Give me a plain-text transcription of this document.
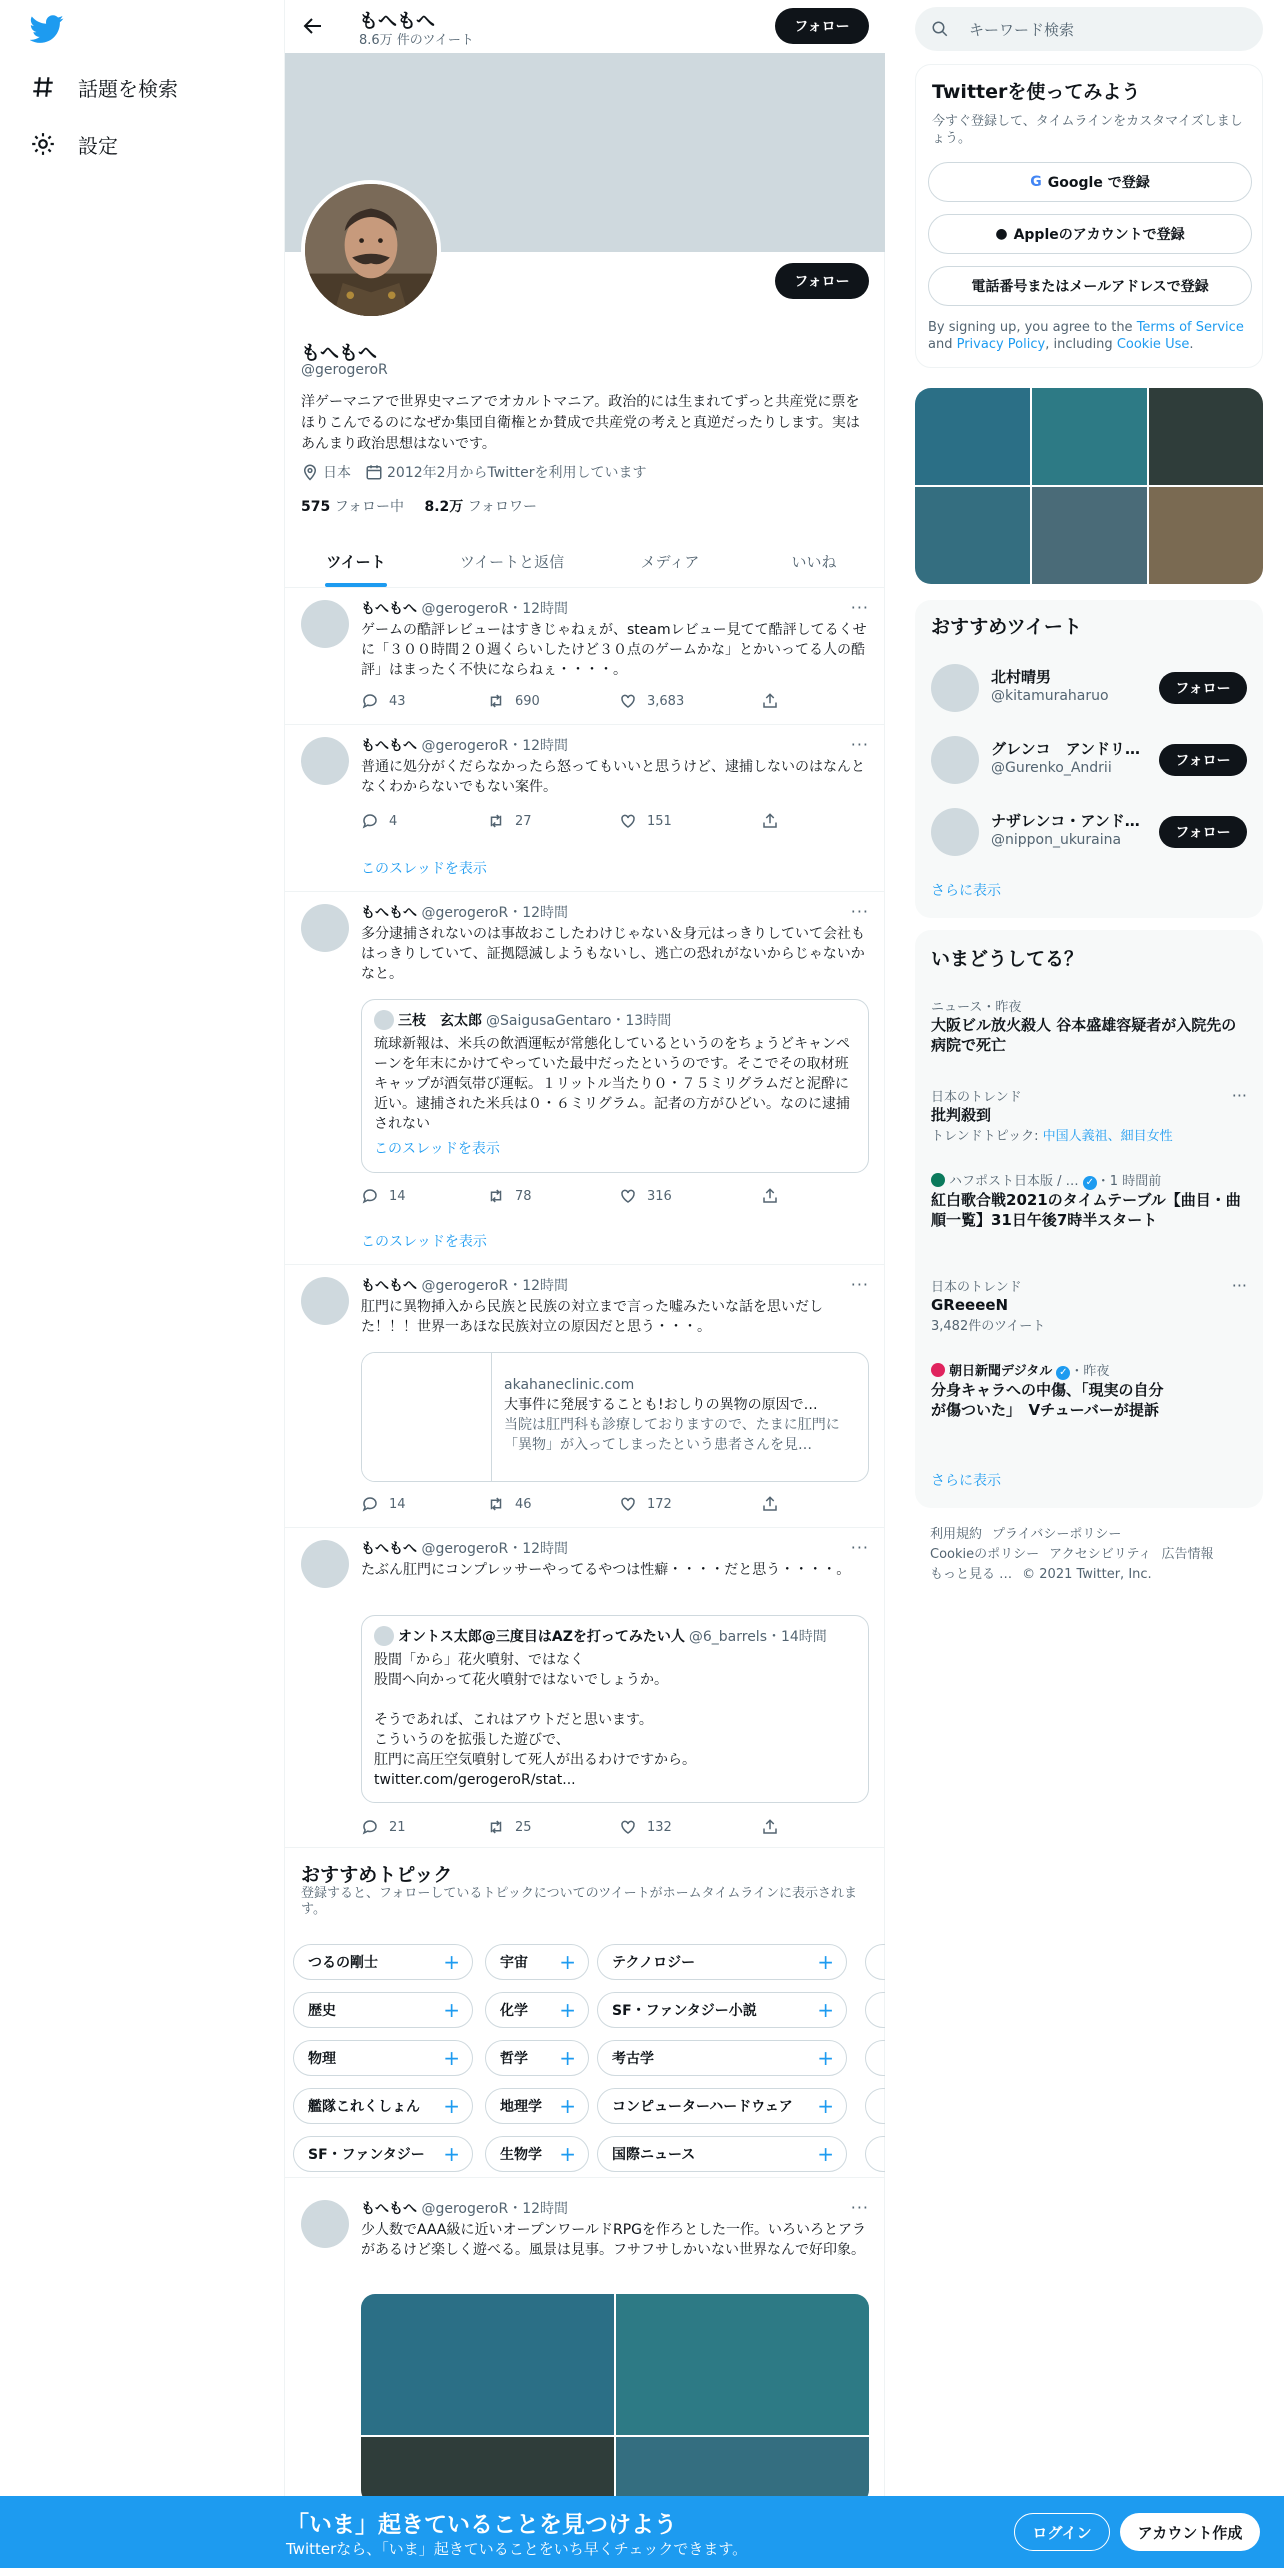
話題を検索
設定
もへもへ
8.6万 件のツイート
フォロー
フォロー
もへもへ
@gerogeroR
洋ゲーマニアで世界史マニアでオカルトマニア。政治的には生まれてずっと共産党に票をほりこんでるのになぜか集団自衛権とか賛成で共産党の考えと真逆だったりします。実はあんまり政治思想はないです。
日本	2012年2月からTwitterを利用しています
575 フォロー中 8.2万 フォロワー
ツイート	ツイートと返信	メディア	いいね
もへもへ @gerogeroR・12時間	···
ゲームの酷評レビューはすきじゃねぇが、steamレビュー見てて酷評してるくせに「３００時間２０週くらいしたけど３０点のゲームかな」とかいってる人の酷評」はまったく不快にならねぇ・・・・。
43	690	3,683
もへもへ @gerogeroR・12時間	···
普通に処分がくだらなかったら怒ってもいいと思うけど、逮捕しないのはなんとなくわからないでもない案件。
4	27	151
このスレッドを表示
もへもへ @gerogeroR・12時間	···
多分逮捕されないのは事故おこしたわけじゃない＆身元はっきりしていて会社もはっきりしていて、証拠隠滅しようもないし、逃亡の恐れがないからじゃないかなと。
三枝　玄太郎 @SaigusaGentaro・13時間
琉球新報は、米兵の飲酒運転が常態化しているというのをちょうどキャンペーンを年末にかけてやっていた最中だったというのです。そこでその取材班キャップが酒気帯び運転。１リットル当たり０・７５ミリグラムだと泥酔に近い。逮捕された米兵は０・６ミリグラム。記者の方がひどい。なのに逮捕されない
このスレッドを表示
14	78	316
このスレッドを表示
もへもへ @gerogeroR・12時間	···
肛門に異物挿入から民族と民族の対立まで言った嘘みたいな話を思いだした！！！世界一あほな民族対立の原因だと思う・・・。
akahaneclinic.com
大事件に発展することも!おしりの異物の原因で…
当院は肛門科も診療しておりますので、たまに肛門に「異物」が入ってしまったという患者さんを見…
14	46	172
もへもへ @gerogeroR・12時間	···
たぶん肛門にコンプレッサーやってるやつは性癖・・・・だと思う・・・・。
オントス太郎@三度目はAZを打ってみたい人 @6_barrels・14時間
股間「から」花火噴射、ではなく
股間へ向かって花火噴射ではないでしょうか。
そうであれば、これはアウトだと思います。
こういうのを拡張した遊びで、
肛門に高圧空気噴射して死人が出るわけですから。
twitter.com/gerogeroR/stat...
21	25	132
おすすめトピック
登録すると、フォローしているトピックについてのツイートがホームタイムラインに表示されます。
つるの剛士	+	宇宙 +	テクノロジー	+
歴史	+	化学 +	SF・ファンタジー小説	+
物理	+	哲学 +	考古学	+
艦隊これくしょん +	地理学 +	コンピューターハードウェア +
SF・ファンタジー +	生物学 +	国際ニュース	+
もへもへ @gerogeroR・12時間	···
少人数でAAA級に近いオープンワールドRPGを作ろとした一作。いろいろとアラがあるけど楽しく遊べる。風景は見事。フサフサしかいない世界なんで好印象。
キーワード検索
Twitterを使ってみよう
今すぐ登録して、タイムラインをカスタマイズしましょう。
G Google で登録
● Appleのアカウントで登録
電話番号またはメールアドレスで登録
By signing up, you agree to the Terms of Service and Privacy Policy, including Cookie Use.
おすすめツイート
北村晴男
@kitamuraharuo	フォロー
グレンコ　アンドリ…
@Gurenko_Andrii	フォロー
ナザレンコ・アンド…
@nippon_ukuraina	フォロー
さらに表示
いまどうしてる？
ニュース・昨夜
大阪ビル放火殺人 谷本盛雄容疑者が入院先の病院で死亡
日本のトレンド
批判殺到
トレンドトピック: 中国人義祖、細目女性
···
ハフポスト日本版 / … ✓ ・1 時間前
紅白歌合戦2021のタイムテーブル【曲目・曲順一覧】31日午後7時半スタート
日本のトレンド
GReeeeN
3,482件のツイート
···
朝日新聞デジタル ✓ ・昨夜
分身キャラへの中傷、「現実の自分が傷ついた」　Vチューバーが提訴
さらに表示
利用規約 プライバシーポリシー
Cookieのポリシー アクセシビリティ 広告情報
もっと見る … © 2021 Twitter, Inc.
「いま」起きていることを見つけよう
Twitterなら、「いま」起きていることをいち早くチェックできます。
ログイン	アカウント作成
